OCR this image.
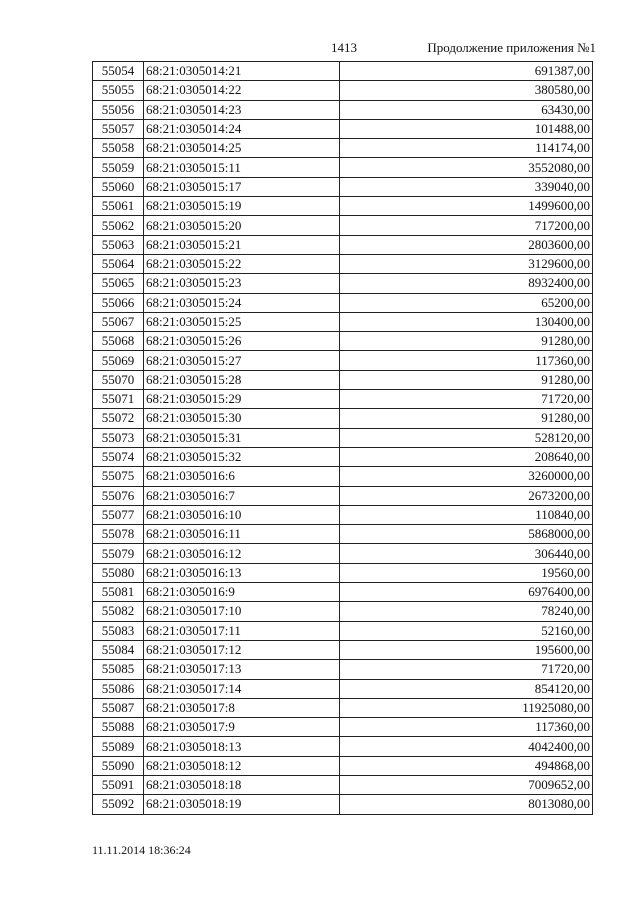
1413	Продолжение приложения №1
55054	68:21:0305014:21	691387,00
55055	68:21:0305014:22	380580,00
55056	68:21:0305014:23	63430,00
55057	68:21:0305014:24	101488,00
55058	68:21:0305014:25	114174,00
55059	68:21:0305015:11	3552080,00
55060	68:21:0305015:17	339040,00
55061	68:21:0305015:19	1499600,00
55062	68:21:0305015:20	717200,00
55063	68:21:0305015:21	2803600,00
55064	68:21:0305015:22	3129600,00
55065	68:21:0305015:23	8932400,00
55066	68:21:0305015:24	65200,00
55067	68:21:0305015:25	130400,00
55068	68:21:0305015:26	91280,00
55069	68:21:0305015:27	117360,00
55070	68:21:0305015:28	91280,00
55071	68:21:0305015:29	71720,00
55072	68:21:0305015:30	91280,00
55073	68:21:0305015:31	528120,00
55074	68:21:0305015:32	208640,00
55075	68:21:0305016:6	3260000,00
55076	68:21:0305016:7	2673200,00
55077	68:21:0305016:10	110840,00
55078	68:21:0305016:11	5868000,00
55079	68:21:0305016:12	306440,00
55080	68:21:0305016:13	19560,00
55081	68:21:0305016:9	6976400,00
55082	68:21:0305017:10	78240,00
55083	68:21:0305017:11	52160,00
55084	68:21:0305017:12	195600,00
55085	68:21:0305017:13	71720,00
55086	68:21:0305017:14	854120,00
55087	68:21:0305017:8	11925080,00
55088	68:21:0305017:9	117360,00
55089	68:21:0305018:13	4042400,00
55090	68:21:0305018:12	494868,00
55091	68:21:0305018:18	7009652,00
55092	68:21:0305018:19	8013080,00
11.11.2014 18:36:24
